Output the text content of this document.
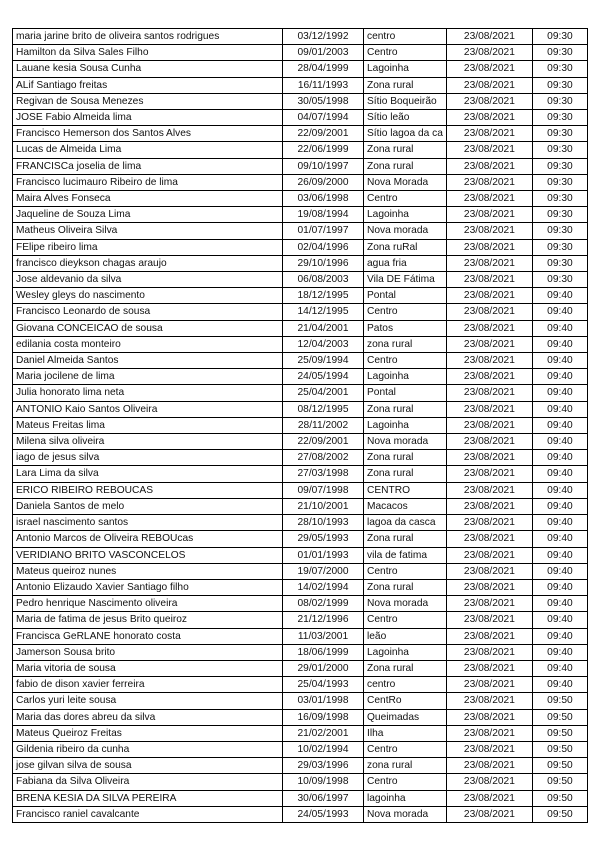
maria jarine brito de oliveira santos rodrigues	03/12/1992	centro	23/08/2021	09:30
Hamilton da Silva Sales Filho	09/01/2003	Centro	23/08/2021	09:30
Lauane kesia Sousa Cunha	28/04/1999	Lagoinha	23/08/2021	09:30
ALif Santiago freitas	16/11/1993	Zona rural	23/08/2021	09:30
Regivan de Sousa Menezes	30/05/1998	Sítio Boqueirão	23/08/2021	09:30
JOSE Fabio Almeida lima	04/07/1994	Sítio leão	23/08/2021	09:30
Francisco Hemerson dos Santos Alves	22/09/2001	Sítio lagoa da ca	23/08/2021	09:30
Lucas de Almeida Lima	22/06/1999	Zona rural	23/08/2021	09:30
FRANCISCa joselia de lima	09/10/1997	Zona rural	23/08/2021	09:30
Francisco lucimauro Ribeiro de lima	26/09/2000	Nova Morada	23/08/2021	09:30
Maira Alves Fonseca	03/06/1998	Centro	23/08/2021	09:30
Jaqueline de Souza Lima	19/08/1994	Lagoinha	23/08/2021	09:30
Matheus Oliveira Silva	01/07/1997	Nova morada	23/08/2021	09:30
FElipe ribeiro lima	02/04/1996	Zona ruRal	23/08/2021	09:30
francisco dieykson chagas araujo	29/10/1996	agua fria	23/08/2021	09:30
Jose aldevanio da silva	06/08/2003	Vila DE Fátima	23/08/2021	09:30
Wesley gleys do nascimento	18/12/1995	Pontal	23/08/2021	09:40
Francisco Leonardo de sousa	14/12/1995	Centro	23/08/2021	09:40
Giovana CONCEICAO de sousa	21/04/2001	Patos	23/08/2021	09:40
edilania costa monteiro	12/04/2003	zona rural	23/08/2021	09:40
Daniel Almeida Santos	25/09/1994	Centro	23/08/2021	09:40
Maria jocilene de lima	24/05/1994	Lagoinha	23/08/2021	09:40
Julia honorato lima neta	25/04/2001	Pontal	23/08/2021	09:40
ANTONIO Kaio Santos Oliveira	08/12/1995	Zona rural	23/08/2021	09:40
Mateus Freitas lima	28/11/2002	Lagoinha	23/08/2021	09:40
Milena silva oliveira	22/09/2001	Nova morada	23/08/2021	09:40
iago de jesus silva	27/08/2002	Zona rural	23/08/2021	09:40
Lara Lima da silva	27/03/1998	Zona rural	23/08/2021	09:40
ERICO RIBEIRO REBOUCAS	09/07/1998	CENTRO	23/08/2021	09:40
Daniela Santos de melo	21/10/2001	Macacos	23/08/2021	09:40
israel nascimento santos	28/10/1993	lagoa da casca	23/08/2021	09:40
Antonio Marcos de Oliveira REBOUcas	29/05/1993	Zona rural	23/08/2021	09:40
VERIDIANO BRITO VASCONCELOS	01/01/1993	vila de fatima	23/08/2021	09:40
Mateus queiroz nunes	19/07/2000	Centro	23/08/2021	09:40
Antonio Elizaudo Xavier Santiago filho	14/02/1994	Zona rural	23/08/2021	09:40
Pedro henrique Nascimento oliveira	08/02/1999	Nova morada	23/08/2021	09:40
Maria de fatima de jesus Brito queiroz	21/12/1996	Centro	23/08/2021	09:40
Francisca GeRLANE honorato costa	11/03/2001	leão	23/08/2021	09:40
Jamerson Sousa brito	18/06/1999	Lagoinha	23/08/2021	09:40
Maria vitoria de sousa	29/01/2000	Zona rural	23/08/2021	09:40
fabio de dison xavier ferreira	25/04/1993	centro	23/08/2021	09:40
Carlos yuri leite sousa	03/01/1998	CentRo	23/08/2021	09:50
Maria das dores abreu da silva	16/09/1998	Queimadas	23/08/2021	09:50
Mateus Queiroz Freitas	21/02/2001	Ilha	23/08/2021	09:50
Gildenia ribeiro da cunha	10/02/1994	Centro	23/08/2021	09:50
jose gilvan silva de sousa	29/03/1996	zona rural	23/08/2021	09:50
Fabiana da Silva Oliveira	10/09/1998	Centro	23/08/2021	09:50
BRENA KESIA DA SILVA PEREIRA	30/06/1997	lagoinha	23/08/2021	09:50
Francisco raniel cavalcante	24/05/1993	Nova morada	23/08/2021	09:50
